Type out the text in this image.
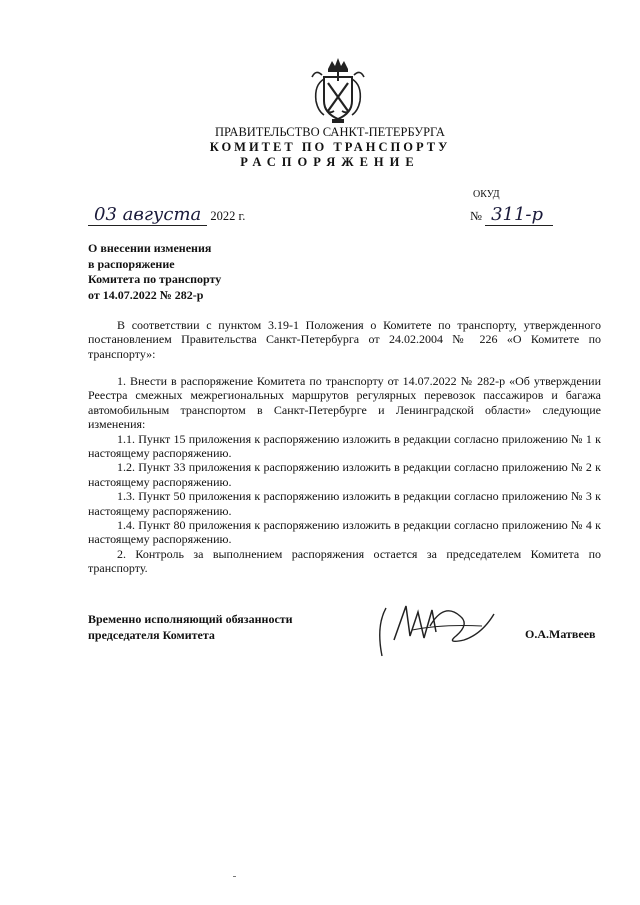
ПРАВИТЕЛЬСТВО САНКТ-ПЕТЕРБУРГА
КОМИТЕТ ПО ТРАНСПОРТУ
РАСПОРЯЖЕНИЕ
ОКУД
03 августа 2022 г.	№ 311-р
О внесении изменения
в распоряжение
Комитета по транспорту
от 14.07.2022 № 282-р

В соответствии с пунктом 3.19-1 Положения о Комитете по транспорту, утвержденного постановлением Правительства Санкт-Петербурга от 24.02.2004 № 226 «О Комитете по транспорту»:

1. Внести в распоряжение Комитета по транспорту от 14.07.2022 № 282-р «Об утверждении Реестра смежных межрегиональных маршрутов регулярных перевозок пассажиров и багажа автомобильным транспортом в Санкт-Петербурге и Ленинградской области» следующие изменения:

1.1. Пункт 15 приложения к распоряжению изложить в редакции согласно приложению № 1 к настоящему распоряжению.

1.2. Пункт 33 приложения к распоряжению изложить в редакции согласно приложению № 2 к настоящему распоряжению.

1.3. Пункт 50 приложения к распоряжению изложить в редакции согласно приложению № 3 к настоящему распоряжению.

1.4. Пункт 80 приложения к распоряжению изложить в редакции согласно приложению № 4 к настоящему распоряжению.

2. Контроль за выполнением распоряжения остается за председателем Комитета по транспорту.

Временно исполняющий обязанности
председателя Комитета	О.А.Матвеев
